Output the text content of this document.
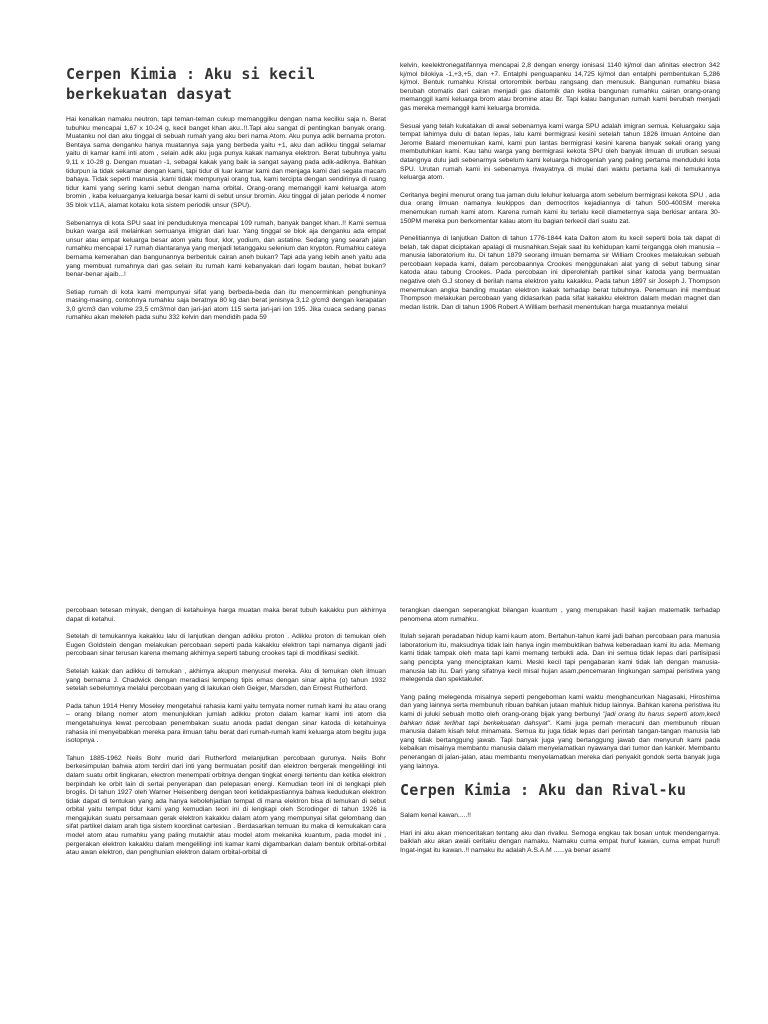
Cerpen Kimia : Aku si kecil berkekuatan dasyat

Hai kenalkan namaku neutron, tapi teman-teman cukup memanggilku dengan nama kecilku saja n. Berat tubuhku mencapai 1,67 x 10-24 g, kecil banget khan aku..!!.Tapi aku sangat di pentingkan banyak orang. Muatanku nol dan aku tinggal di sebuah rumah yang aku beri nama Atom. Aku punya adik bernama proton. Bentaya sama denganku hanya muatannya saja yang berbeda yaitu +1, aku dan adikku tinggal selamar yaitu di kamar kami inti atom , selain adik aku juga punya kakak namanya elektron. Berat tubuhnya yaitu 9,11 x 10-28 g. Dengan muatan -1, sebagai kakak yang baik ia sangat sayang pada adik-adiknya. Bahkan tidurpun ia tidak sekamar dengan kami, tapi tidur di luar kamar kami dan menjaga kami dari segala macam bahaya. Tidak seperti manusia ,kami tidak mempunyai orang tua, kami tercipta dengan sendirinya di ruang tidur kami yang sering kami sebut dengan nama orbital. Orang-orang memanggil kami keluarga atom bromin , kaba keluarganya keluarga besar kami di sebut unsur bromin. Aku tinggal di jalan periode 4 nomer 35 blok v11A, alamat kotaku kota sistem periodik unsur (SPU).

Sebenarnya di kota SPU saat ini penduduknya mencapai 109 rumah, banyak banget khan..!! Kami semua bukan warga asli melainkan semuanya imigran dari luar. Yang tinggal se blok aja denganku ada empat unsur atau empat keluarga besar atom yaitu flour, klor, yodium, dan astatine. Sedang yang searah jalan rumahku mencapai 17 rumah diantaranya yang menjadi tetanggaku selenium dan krypton. Rumahku cateya bernama kemerahan dan bangunannya berbentuk cairan aneh bukan? Tapi ada yang lebih aneh yaitu ada yang membuat rumahnya dari gas selain itu rumah kami kebanyakan dari logam bautan, hebat bukan? benar-benar ajaib...!

Setiap rumah di kota kami mempunyai sifat yang berbeda-beda dan itu mencerminkan penghuninya masing-masing, contohnya rumahku saja beratnya 80 kg dan berat jenisnya 3,12 g/cm3 dengan kerapatan 3,0 g/cm3 dan volume 23,5 cm3/mol dan jari-jari atom 115 serta jari-jari ion 195. Jika cuaca sedang panas rumahku akan meleleh pada suhu 332 kelvin dan mendidih pada 59

kelvin, keelektronegatifannya mencapai 2,8 dengan energy ionisasi 1140 kj/mol dan afinitas electron 342 kj/mol bilokiya -1,+3,+5, dan +7. Entalphi penguapanku 14,725 kj/mol dan entalphi pembentukan 5,286 kj/mol. Bentuk rumahku Kristal ortorombik berbau rangsang dan menusuk. Bangunan rumahku biasa berubah otomatis dari cairan menjadi gas diatomik dan ketika bangunan rumahku cairan orang-orang memanggil kami keluarga brom atau bromine atau Br. Tapi kalau bangunan rumah kami berubah menjadi gas mereka memanggil kami keluarga bromida.

Sesuai yang telah kukatakan di awal sebenarnya kami warga SPU adalah imigran semua. Keluargaku saja tempat lahirnya dulu di batan lepas, lalu kami bermigrasi kesini setelah tahun 1826 ilmuan Antoine dan Jerome Balard menemukan kami, kami pun lantas bermigrasi kesini karena banyak sekali orang yang membutuhkan kami. Kau tahu warga yang bermigrasi kekota SPU oleh banyak ilmuan di urutkan sesuai datangnya dulu jadi sebenarnya sebelum kami keluarga hidrogenlah yang paling pertama menduduki kota SPU. Urutan rumah kami ini sebenarnya riwayatnya di mulai dari waktu pertama kali di temukannya keluarga atom.

Ceritanya begini menurut orang tua jaman dulu leluhur keluarga atom sebelum bermigrasi kekota SPU , ada dua orang ilmuan namanya leukippos dan democritos kejadiannya di tahun 500-400SM mereka menemukan rumah kami atom. Karena rumah kami itu terlalu kecil diameternya saja berkisar antara 30-150PM mereka pun berkomentar kalau atom itu bagian terkecil dari suatu zat.

Penelitiannya di lanjutkan Dalton di tahun 1776-1844 kata Dalton atom itu kecil seperti bola tak dapat di belah, tak dapat diciptakan apalagi di musnahkan.Sejak saat itu kehidupan kami tergangga oleh manusia – manusia laboratorium itu. Di tahun 1879 seorang ilmuan bernama sir William Crookes melakukan sebuah percobaan kepada kami, dalam percobaannya Crookes menggunakan alat yang di sebut tabung sinar katoda atau tabung Crookes. Pada percobaan ini diperolehlah partikel sinar katoda yang bermuatan negative oleh G.J stoney di berilah nama elektron yaitu kakakku. Pada tahun 1897 sir Joseph J. Thompson menemukan angka banding muatan elektron kakak terhadap berat tubuhnya. Penemuan inii membuat Thompson melakukan percobaan yang didasarkan pada sifat kakakku elektron dalam medan magnet dan medan listrik. Dan di tahun 1906 Robert A William berhasil menentukan harga muatannya melalui

percobaan tetesan minyak, dengan di ketahuinya harga muatan maka berat tubuh kakakku pun akhirnya dapat di ketahui.

Setelah di temukannya kakakku lalu di lanjutkan dengan adikku proton . Adikku proton di temukan oleh Eugen Goldstein dengan melakukan percobaan seperti pada kakakku elektron tapi namanya diganti jadi percobaan sinar terusan karena memang akhirnya seperti tabung crookes tapi di modifikasi sedikit.

Setelah kakak dan adikku di temukan , akhirnya akupun menyusul mereka. Aku di temukan oleh ilmuan yang bernama J. Chadwick dengan meradiasi lempeng tipis emas dengan sinar alpha (α) tahun 1932 setelah sebelumnya melalui percobaan yang di lakukan oleh Geiger, Marsden, dan Ernest Rutherford.

Pada tahun 1914 Henry Moseley mengetahui rahasia kami yaitu ternyata nomer rumah kami itu atau orang – orang bilang nomer atom menunjukkan jumlah adikku proton dalam kamar kami inti atom dia mengetahuinya lewat percobaan penembakan suatu anoda padat dengan sinar katoda di ketahuinya rahasia ini menyebabkan mereka para ilmuan tahu berat dari rumah-rumah kami keluarga atom begitu juga isotopnya .

Tahun 1885-1962 Neils Bohr murid dari Rutherford melanjutkan percobaan gurunya. Neils Bohr berkesimpulan bahwa atom terdiri dari inti yang bermuatan positif dan elektron bergerak mengelilingi inti dalam suatu orbit lingkaran, electron menempati orbitnya dengan tingkat energi tertentu dan ketika elektron berpindah ke orbit lain di sertai penyerapan dan pelepasan energi. Kemudian teori ini di lengkapi pleh broglis. Di tahun 1927 oleh Warner Heisenberg dengan teori ketidakpastiannya bahwa kedudukan elektron tidak dapat di tentukan yang ada hanya kebolehjadian tempat di mana elektron bisa di temukan di sebut orbital yaitu tempat tidur kami yang kemudian teori ini di lengkapi oleh Scrodinger di tahun 1926 ia mengajukan suatu persamaan gerak elektron kakakku dalam atom yang mempunyai sifat gelombang dan sifat partikel dalam arah tiga sistem koordinat cartesian . Berdasarkan temuan itu maka di kemukakan cara model atom atau rumahku yang paling mutakhir atau model atom mekanika kuantum, pada model ini , pergerakan elektron kakakku dalam mengelilingi inti kamar kami digambarkan dalam bentuk orbital-orbital atau awan elektron, dan penghunian elektron dalam orbital-orbital di

terangkan daengan seperangkat bilangan kuantum , yang merupakan hasil kajian matematik terhadap penomena atom rumahku.

Itulah sejarah peradaban hidup kami kaum atom. Bertahun-tahun kami jadi bahan percobaan para manusia laboratorium itu, maksudnya tidak lain hanya ingin membuktikan bahwa keberadaan kami itu ada. Memang kami tidak tampak oleh mata tapi kami memang terbukti ada. Dan ini semua tidak lepas dari partisipasi sang pencipta yang menciptakan kami. Meski kecil tapi pengabaran kami tidak lah dengan manusia- manusia lab itu. Dari yang sifatnya kecil misal hujan asam,pencemaran lingkungan sampai peristiwa yang melegenda dan spektakuler.

Yang paling melegenda misalnya seperti pengeboman kami waktu menghancurkan Nagasaki, Hiroshima dan yang lainnya serta membunuh ribuan bahkan jutaan mahluk hidup lainnya. Bahkan karena peristiwa itu kami di juluki sebuah motto oleh orang-orang bijak yang berbunyi "jadi orang itu harus seperti atom,kecil bahkan tidak terlihat tapi berkekuatan dahsyat". Kami juga pernah meracuni dan membunuh ribuan manusia dalam kisah telut minamata. Semua itu juga tidak lepas dari perintah tangan-tangan manusia lab yang tidak bertanggung jawab. Tapi banyak juga yang bertanggung jawab dan menyuruh kami pada kebaikan misalnya membantu manusia dalam menyelamatkan nyawanya dari tumor dan kanker. Membantu penerangan di jalan-jalan, atau membantu menyelamatkan mereka dari penyakit gondok serta banyak juga yang lainnya.

Cerpen Kimia : Aku dan Rival-ku

Salam kenal kawan.....!!

Hari ini aku akan menceritakan tentang aku dan rivalku. Semoga engkau tak bosan untuk mendengarnya. baiklah aku akan awali ceritaku dengan namaku. Namaku cuma empat huruf kawan, cuma empat huruf! Ingat-ingat itu kawan..!! namaku itu adalah A.S.A.M ......ya benar asam!
